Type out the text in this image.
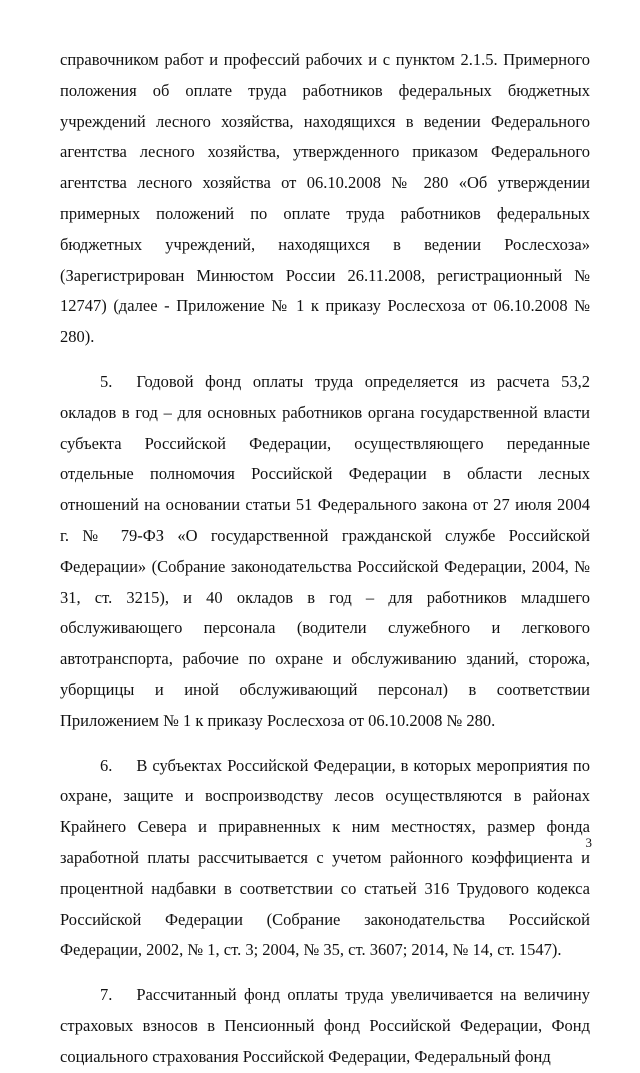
справочником работ и профессий рабочих и с пунктом 2.1.5. Примерного положения об оплате труда работников федеральных бюджетных учреждений лесного хозяйства, находящихся в ведении Федерального агентства лесного хозяйства, утвержденного приказом Федерального агентства лесного хозяйства от 06.10.2008 № 280 «Об утверждении примерных положений по оплате труда работников федеральных бюджетных учреждений, находящихся в ведении Рослесхоза» (Зарегистрирован Минюстом России 26.11.2008, регистрационный № 12747) (далее - Приложение № 1 к приказу Рослесхоза от 06.10.2008 № 280).

5. Годовой фонд оплаты труда определяется из расчета 53,2 окладов в год – для основных работников органа государственной власти субъекта Российской Федерации, осуществляющего переданные отдельные полномочия Российской Федерации в области лесных отношений на основании статьи 51 Федерального закона от 27 июля 2004 г. № 79-ФЗ «О государственной гражданской службе Российской Федерации» (Собрание законодательства Российской Федерации, 2004, № 31, ст. 3215), и 40 окладов в год – для работников младшего обслуживающего персонала (водители служебного и легкового автотранспорта, рабочие по охране и обслуживанию зданий, сторожа, уборщицы и иной обслуживающий персонал) в соответствии Приложением № 1 к приказу Рослесхоза от 06.10.2008 № 280.

6. В субъектах Российской Федерации, в которых мероприятия по охране, защите и воспроизводству лесов осуществляются в районах Крайнего Севера и приравненных к ним местностях, размер фонда заработной платы рассчитывается с учетом районного коэффициента и процентной надбавки в соответствии со статьей 316 Трудового кодекса Российской Федерации (Собрание законодательства Российской Федерации, 2002, № 1, ст. 3; 2004, № 35, ст. 3607; 2014, № 14, ст. 1547).

7. Рассчитанный фонд оплаты труда увеличивается на величину страховых взносов в Пенсионный фонд Российской Федерации, Фонд социального страхования Российской Федерации, Федеральный фонд

3
